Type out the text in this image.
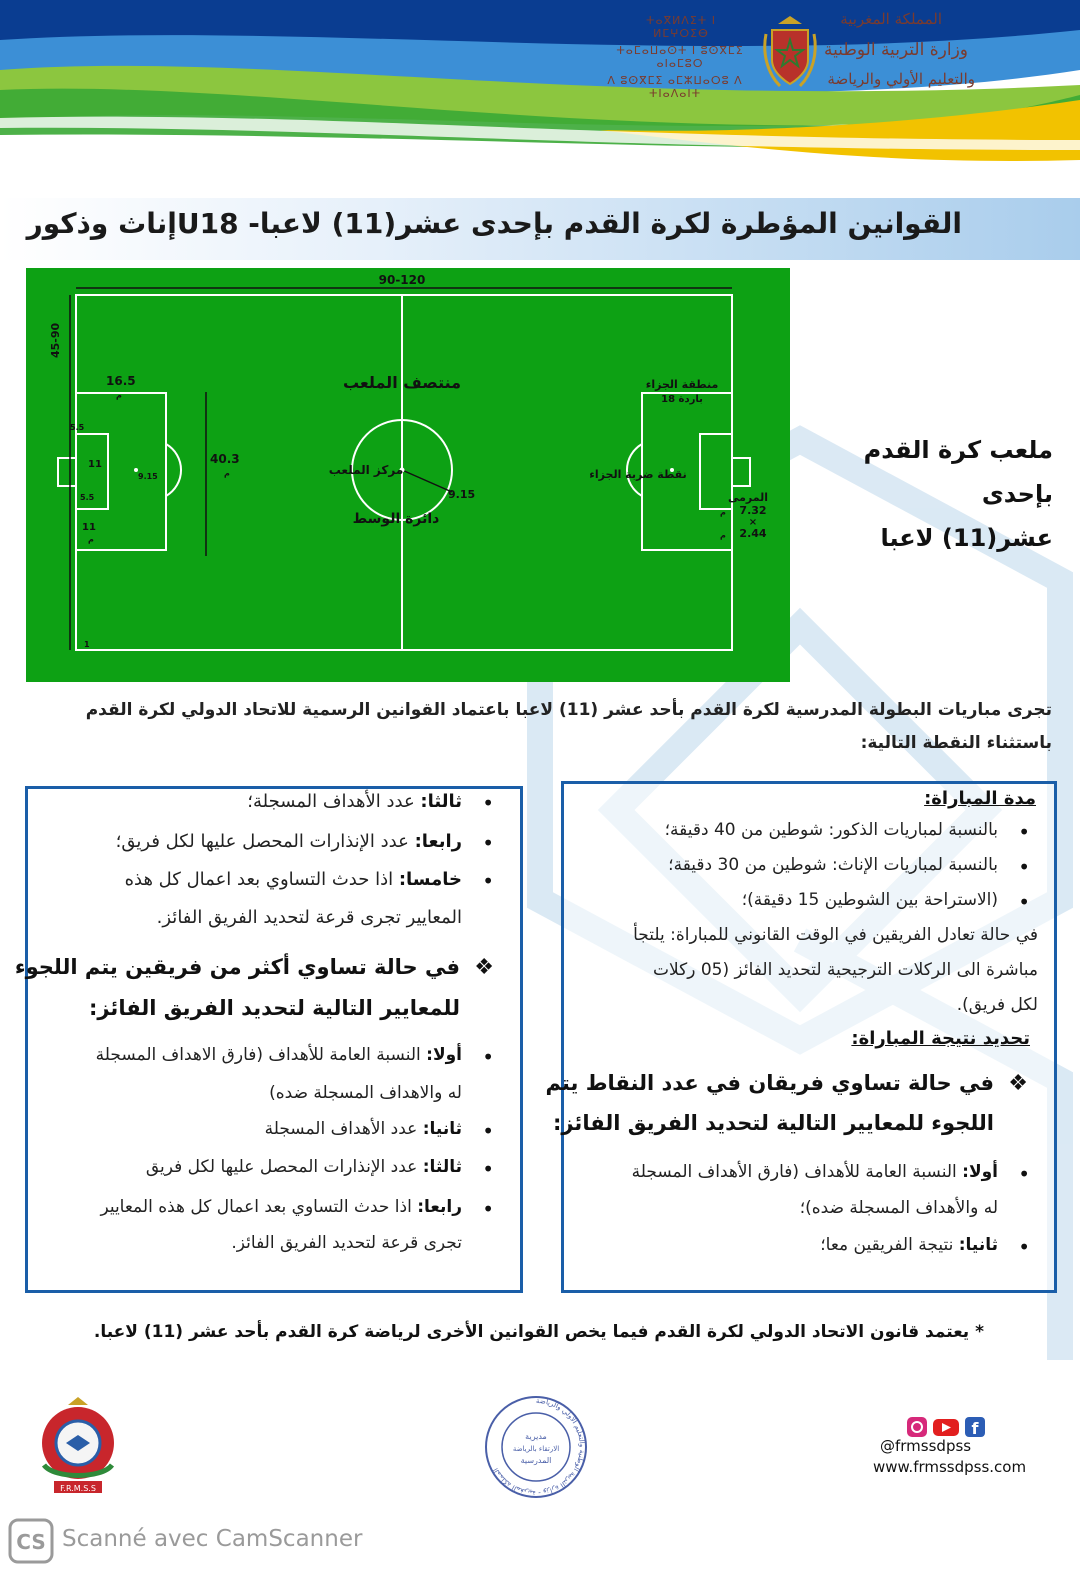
ⵜⴰⴳⵍⴷⵉⵜ ⵏ ⵍⵎⵖⵔⵉⴱ
ⵜⴰⵎⴰⵡⴰⵙⵜ ⵏ ⵓⵙⴳⵎⵉ ⴰⵏⴰⵎⵓⵔ
ⴷ ⵓⵙⴳⵎⵉ ⴰⵎⵣⵡⴰⵔⵓ ⴷ ⵜⵏⴰⴷⴰⵏⵜ
المملكة المغربية
وزارة التربية الوطنية
والتعليم الأولي والرياضة
القوانين المؤطرة لكرة القدم بإحدى عشر(11) لاعبا- U18إناث وذكور
90-120
45-90
16.5
40.3
منتصف الملعب
مركز الملعب
دائرة الوسط
9.15
منطقة الجزاء
18 باردة
نقطة ضربة الجزاء
المرمى
7.32
×
2.44
5.5
5.5
11
11
9.15
1
م
م
م
م
م
ملعب كرة القدم بإحدى
عشر(11) لاعبا
تجرى مباريات البطولة المدرسية لكرة القدم بأحد عشر (11) لاعبا باعتماد القوانين الرسمية للاتحاد الدولي لكرة القدم
باستثناء النقطة التالية:
مدة المباراة:
بالنسبة لمباريات الذكور: شوطين من 40 دقيقة؛ •
بالنسبة لمباريات الإناث: شوطين من 30 دقيقة؛ •
(الاستراحة بين الشوطين 15 دقيقة)؛ •
في حالة تعادل الفريقين في الوقت القانوني للمباراة: يلتجأ
مباشرة الى الركلات الترجيحية لتحديد الفائز (05 ركلات
لكل فريق).
تحديد نتيجة المباراة:
في حالة تساوي فريقان في عدد النقاط يتم ❖
اللجوء للمعايير التالية لتحديد الفريق الفائز:
أولا: النسبة العامة للأهداف (فارق الأهداف المسجلة •
له والأهداف المسجلة ضده)؛
ثانيا: نتيجة الفريقين معا؛ •
ثالثا: عدد الأهداف المسجلة؛ •
رابعا: عدد الإنذارات المحصل عليها لكل فريق؛ •
خامسا: اذا حدث التساوي بعد اعمال كل هذه •
المعايير تجرى قرعة لتحديد الفريق الفائز.
في حالة تساوي أكثر من فريقين يتم اللجوء ❖
للمعايير التالية لتحديد الفريق الفائز:
أولا: النسبة العامة للأهداف (فارق الاهداف المسجلة •
له والاهداف المسجلة ضده)
ثانيا: عدد الأهداف المسجلة •
ثالثا: عدد الإنذارات المحصل عليها لكل فريق •
رابعا: اذا حدث التساوي بعد اعمال كل هذه المعايير •
تجرى قرعة لتحديد الفريق الفائز.
* يعتمد قانون الاتحاد الدولي لكرة القدم فيما يخص القوانين الأخرى لرياضة كرة القدم بأحد عشر (11) لاعبا.
F.R.M.S.S
المملكة المغربية - وزارة التربية الوطنية والتعليم الأولي والرياضة
مديرية
الارتقاء بالرياضة
المدرسية
f
@frmssdpss
www.frmssdpss.com
CS Scanné avec CamScanner
